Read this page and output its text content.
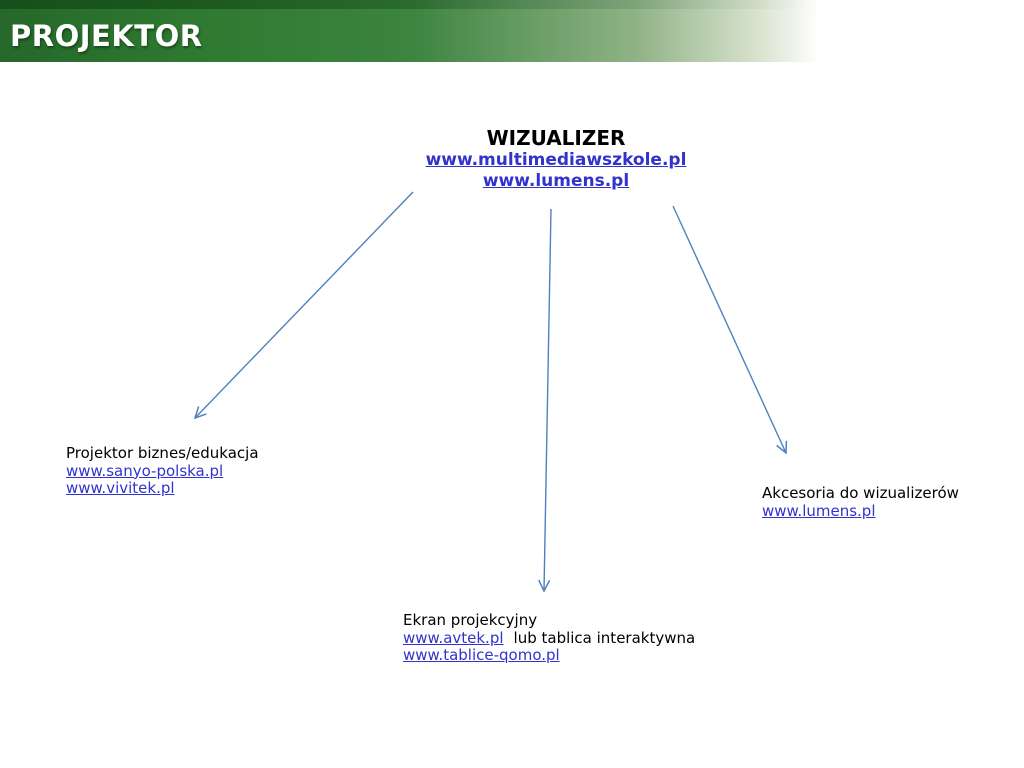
PROJEKTOR
WIZUALIZER
www.multimediawszkole.pl
www.lumens.pl
Projektor biznes/edukacja
www.sanyo-polska.pl
www.vivitek.pl
Ekran projekcyjny
www.avtek.pl lub tablica interaktywna
www.tablice-qomo.pl
Akcesoria do wizualizerów
www.lumens.pl
